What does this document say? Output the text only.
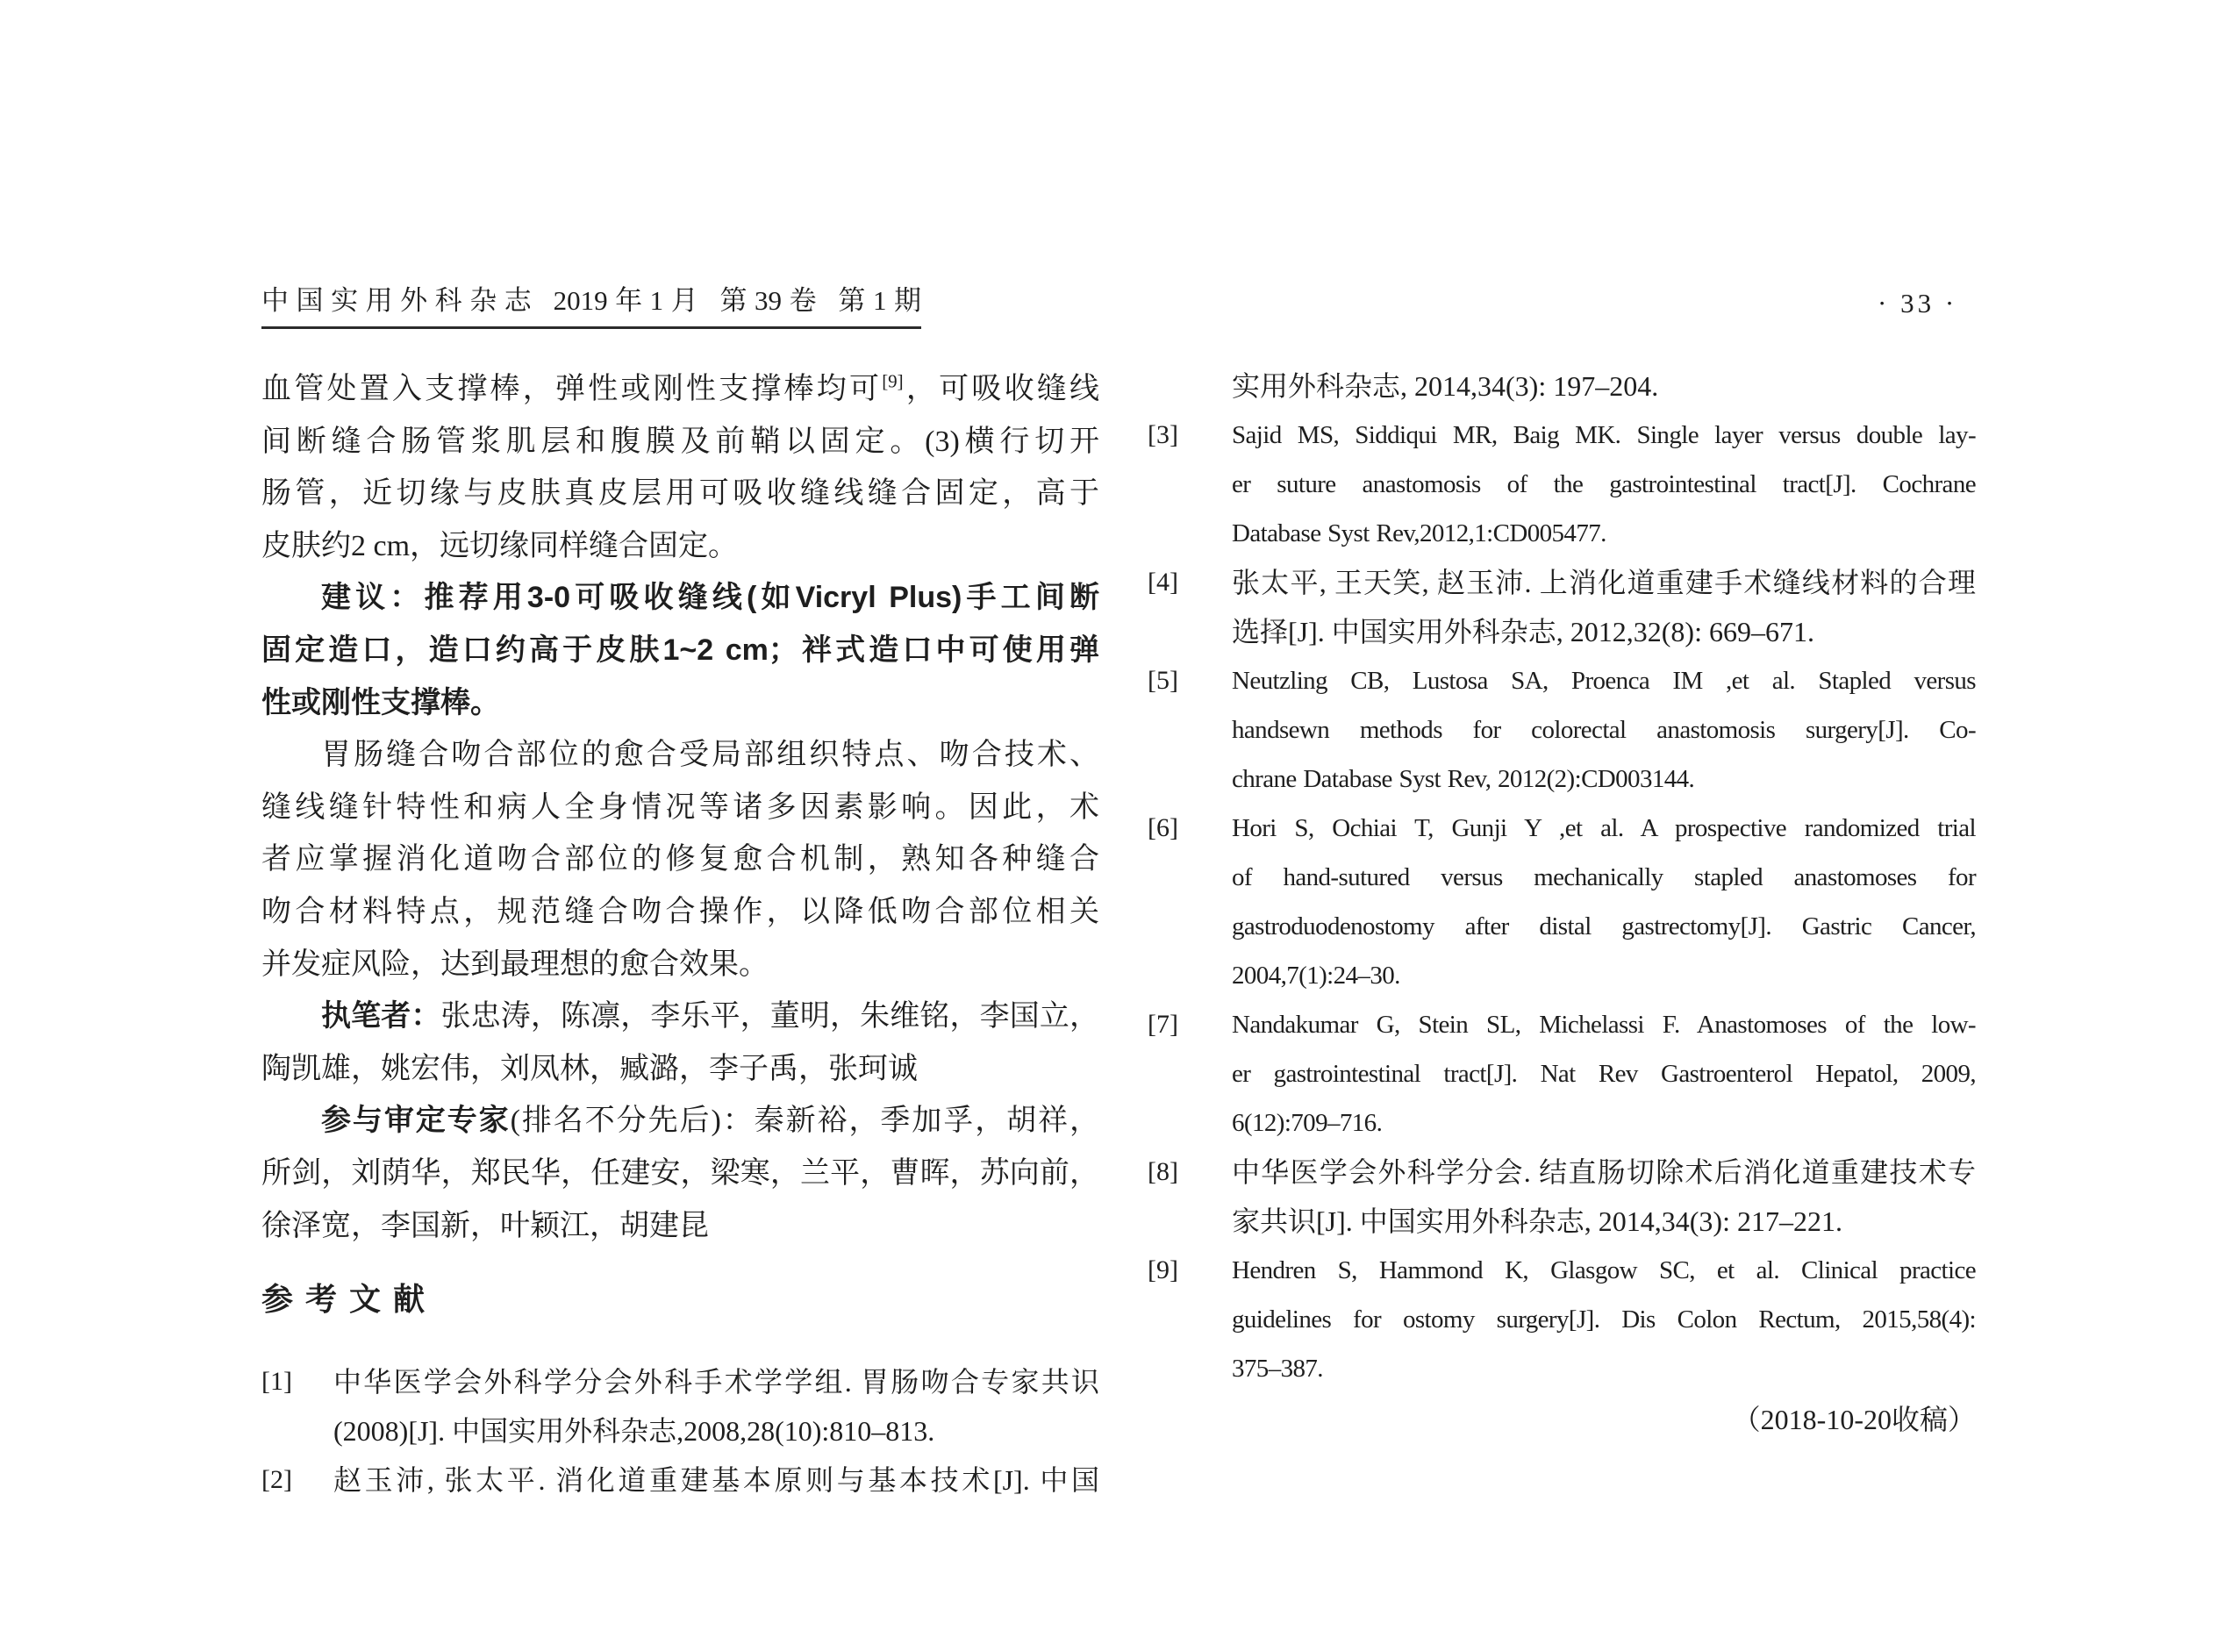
中国实用外科杂志 2019年1月 第39卷 第1期	· 33 ·
血管处置入支撑棒，弹性或刚性支撑棒均可[9]，可吸收缝线
间断缝合肠管浆肌层和腹膜及前鞘以固定。(3)横行切开
肠管，近切缘与皮肤真皮层用可吸收缝线缝合固定，高于
皮肤约2 cm，远切缘同样缝合固定。
建议：推荐用3-0可吸收缝线(如Vicryl Plus)手工间断
固定造口，造口约高于皮肤1~2 cm；袢式造口中可使用弹
性或刚性支撑棒。
胃肠缝合吻合部位的愈合受局部组织特点、吻合技术、
缝线缝针特性和病人全身情况等诸多因素影响。因此，术
者应掌握消化道吻合部位的修复愈合机制，熟知各种缝合
吻合材料特点，规范缝合吻合操作，以降低吻合部位相关
并发症风险，达到最理想的愈合效果。
执笔者：张忠涛，陈凛，李乐平，董明，朱维铭，李国立，
陶凯雄，姚宏伟，刘凤林，臧潞，李子禹，张珂诚
参与审定专家(排名不分先后)：秦新裕，季加孚，胡祥，
所剑，刘荫华，郑民华，任建安，梁寒，兰平，曹晖，苏向前，
徐泽宽，李国新，叶颖江，胡建昆
参 考 文 献
[1] 中华医学会外科学分会外科手术学学组. 胃肠吻合专家共识
(2008)[J]. 中国实用外科杂志,2008,28(10):810–813.
[2] 赵玉沛, 张太平. 消化道重建基本原则与基本技术[J]. 中国
实用外科杂志, 2014,34(3): 197–204.
[3] Sajid MS, Siddiqui MR, Baig MK. Single layer versus double lay-
er suture anastomosis of the gastrointestinal tract[J]. Cochrane
Database Syst Rev,2012,1:CD005477.
[4] 张太平, 王天笑, 赵玉沛. 上消化道重建手术缝线材料的合理
选择[J]. 中国实用外科杂志, 2012,32(8): 669–671.
[5] Neutzling CB, Lustosa SA, Proenca IM ,et al. Stapled versus
handsewn methods for colorectal anastomosis surgery[J]. Co-
chrane Database Syst Rev, 2012(2):CD003144.
[6] Hori S, Ochiai T, Gunji Y ,et al. A prospective randomized trial
of hand-sutured versus mechanically stapled anastomoses for
gastroduodenostomy after distal gastrectomy[J]. Gastric Cancer,
2004,7(1):24–30.
[7] Nandakumar G, Stein SL, Michelassi F. Anastomoses of the low-
er gastrointestinal tract[J]. Nat Rev Gastroenterol Hepatol, 2009,
6(12):709–716.
[8] 中华医学会外科学分会. 结直肠切除术后消化道重建技术专
家共识[J]. 中国实用外科杂志, 2014,34(3): 217–221.
[9] Hendren S, Hammond K, Glasgow SC, et al. Clinical practice
guidelines for ostomy surgery[J]. Dis Colon Rectum, 2015,58(4):
375–387.
（2018-10-20收稿）
